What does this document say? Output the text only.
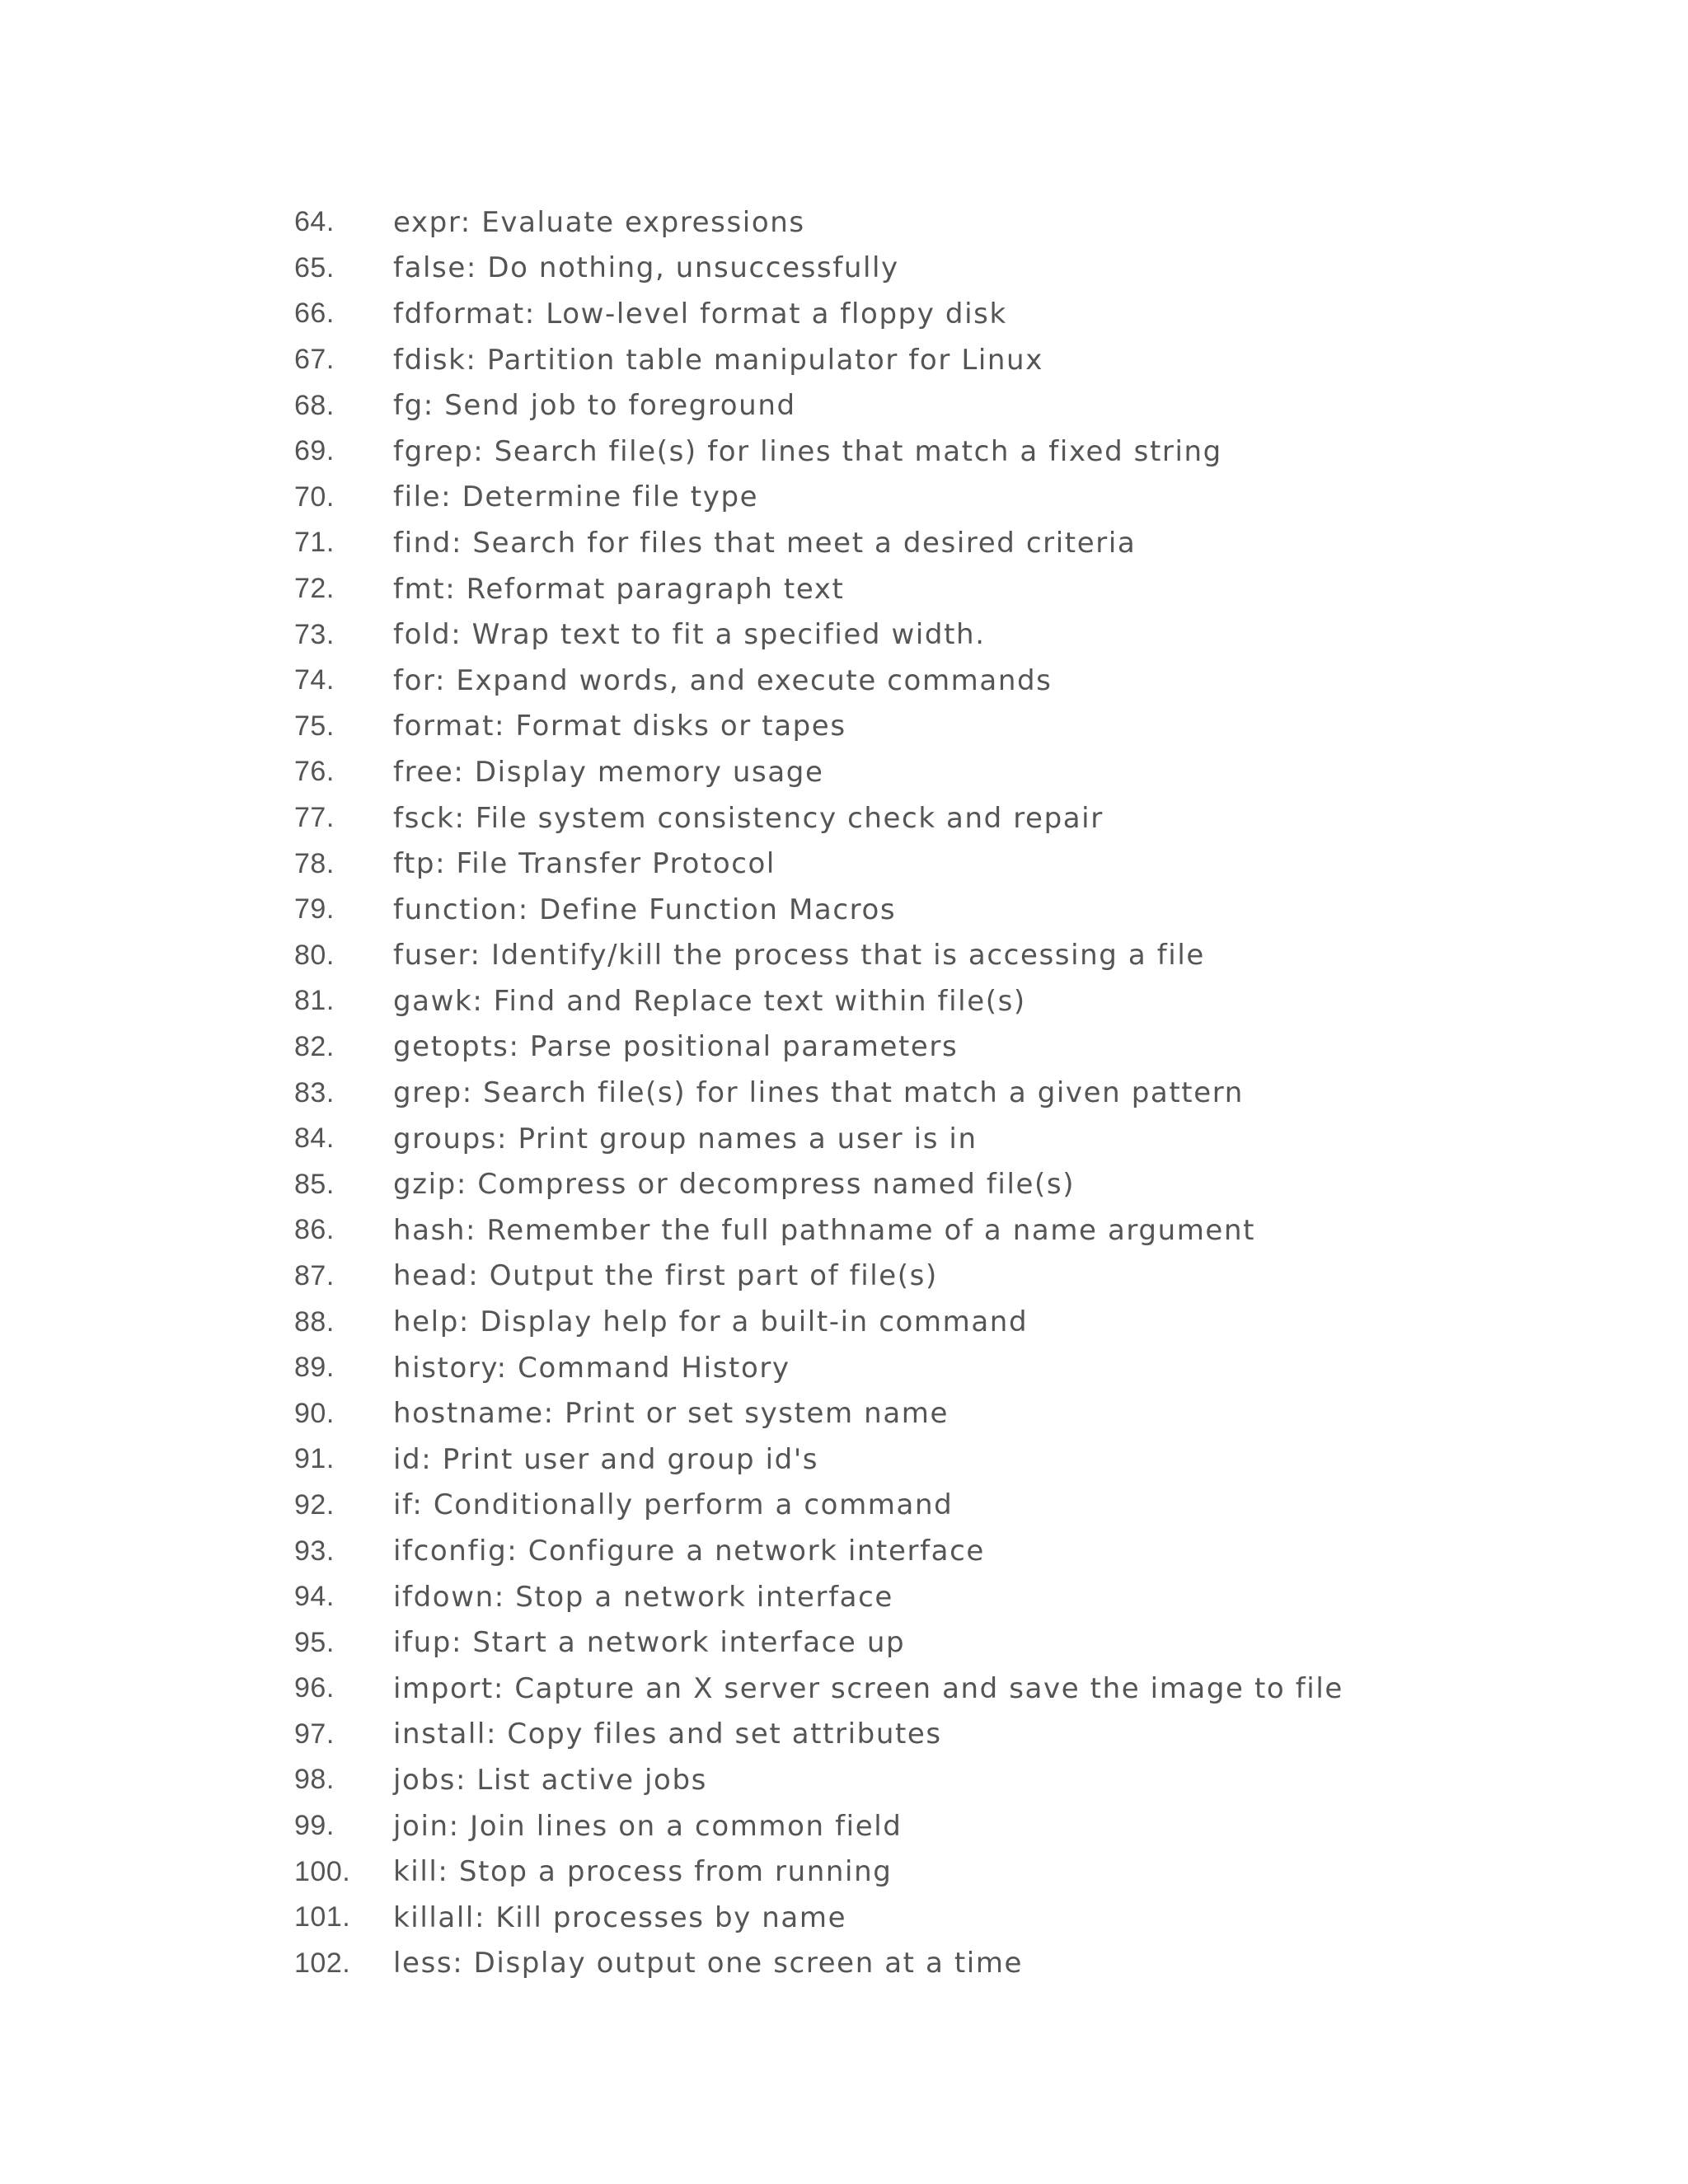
64.	expr: Evaluate expressions
65.	false: Do nothing, unsuccessfully
66.	fdformat: Low-level format a floppy disk
67.	fdisk: Partition table manipulator for Linux
68.	fg: Send job to foreground
69.	fgrep: Search file(s) for lines that match a fixed string
70.	file: Determine file type
71.	find: Search for files that meet a desired criteria
72.	fmt: Reformat paragraph text
73.	fold: Wrap text to fit a specified width.
74.	for: Expand words, and execute commands
75.	format: Format disks or tapes
76.	free: Display memory usage
77.	fsck: File system consistency check and repair
78.	ftp: File Transfer Protocol
79.	function: Define Function Macros
80.	fuser: Identify/kill the process that is accessing a file
81.	gawk: Find and Replace text within file(s)
82.	getopts: Parse positional parameters
83.	grep: Search file(s) for lines that match a given pattern
84.	groups: Print group names a user is in
85.	gzip: Compress or decompress named file(s)
86.	hash: Remember the full pathname of a name argument
87.	head: Output the first part of file(s)
88.	help: Display help for a built-in command
89.	history: Command History
90.	hostname: Print or set system name
91.	id: Print user and group id's
92.	if: Conditionally perform a command
93.	ifconfig: Configure a network interface
94.	ifdown: Stop a network interface
95.	ifup: Start a network interface up
96.	import: Capture an X server screen and save the image to file
97.	install: Copy files and set attributes
98.	jobs: List active jobs
99.	join: Join lines on a common field
100.	kill: Stop a process from running
101.	killall: Kill processes by name
102.	less: Display output one screen at a time
